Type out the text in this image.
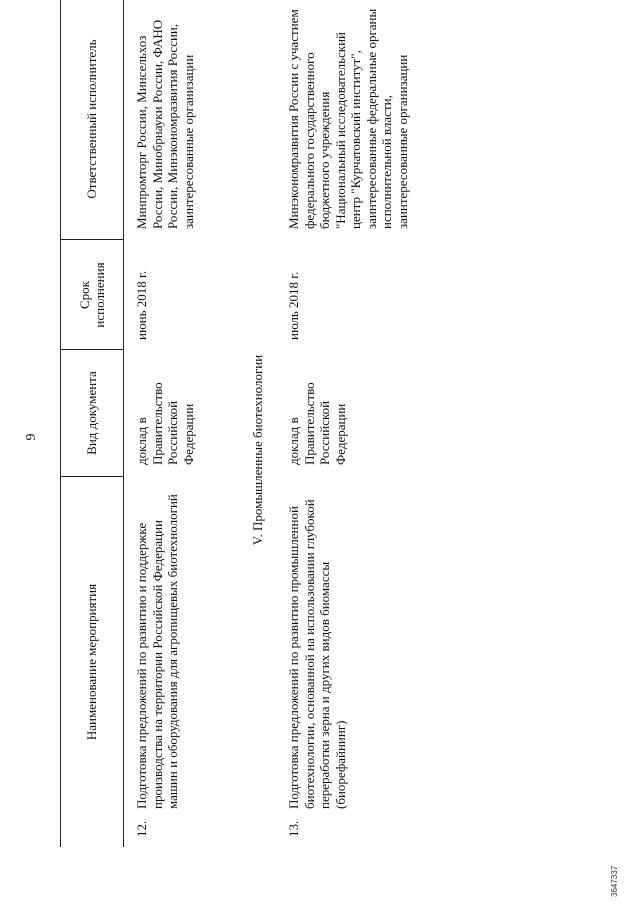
9
Наименование мероприятия
Вид документа
Срок исполнения
Ответственный исполнитель
12.
Подготовка предложений по развитию и поддержке производства на территории Российской Федерации машин и оборудования для агропищевых биотехнологий
доклад в Правительство Российской Федерации
июнь 2018 г.
Минпромторг России, Минсельхоз России, Минобрнауки России, ФАНО России, Минэкономразвития России, заинтересованные организации
V. Промышленные биотехнологии
13.
Подготовка предложений по развитию промышленной биотехнологии, основанной на использовании глубокой переработки зерна и других видов биомассы (биорефайнинг)
доклад в Правительство Российской Федерации
июль 2018 г.
Минэкономразвития России с участием федерального государственного бюджетного учреждения "Национальный исследовательский центр "Курчатовский институт", заинтересованные федеральные органы исполнительной власти, заинтересованные организации
3647337
